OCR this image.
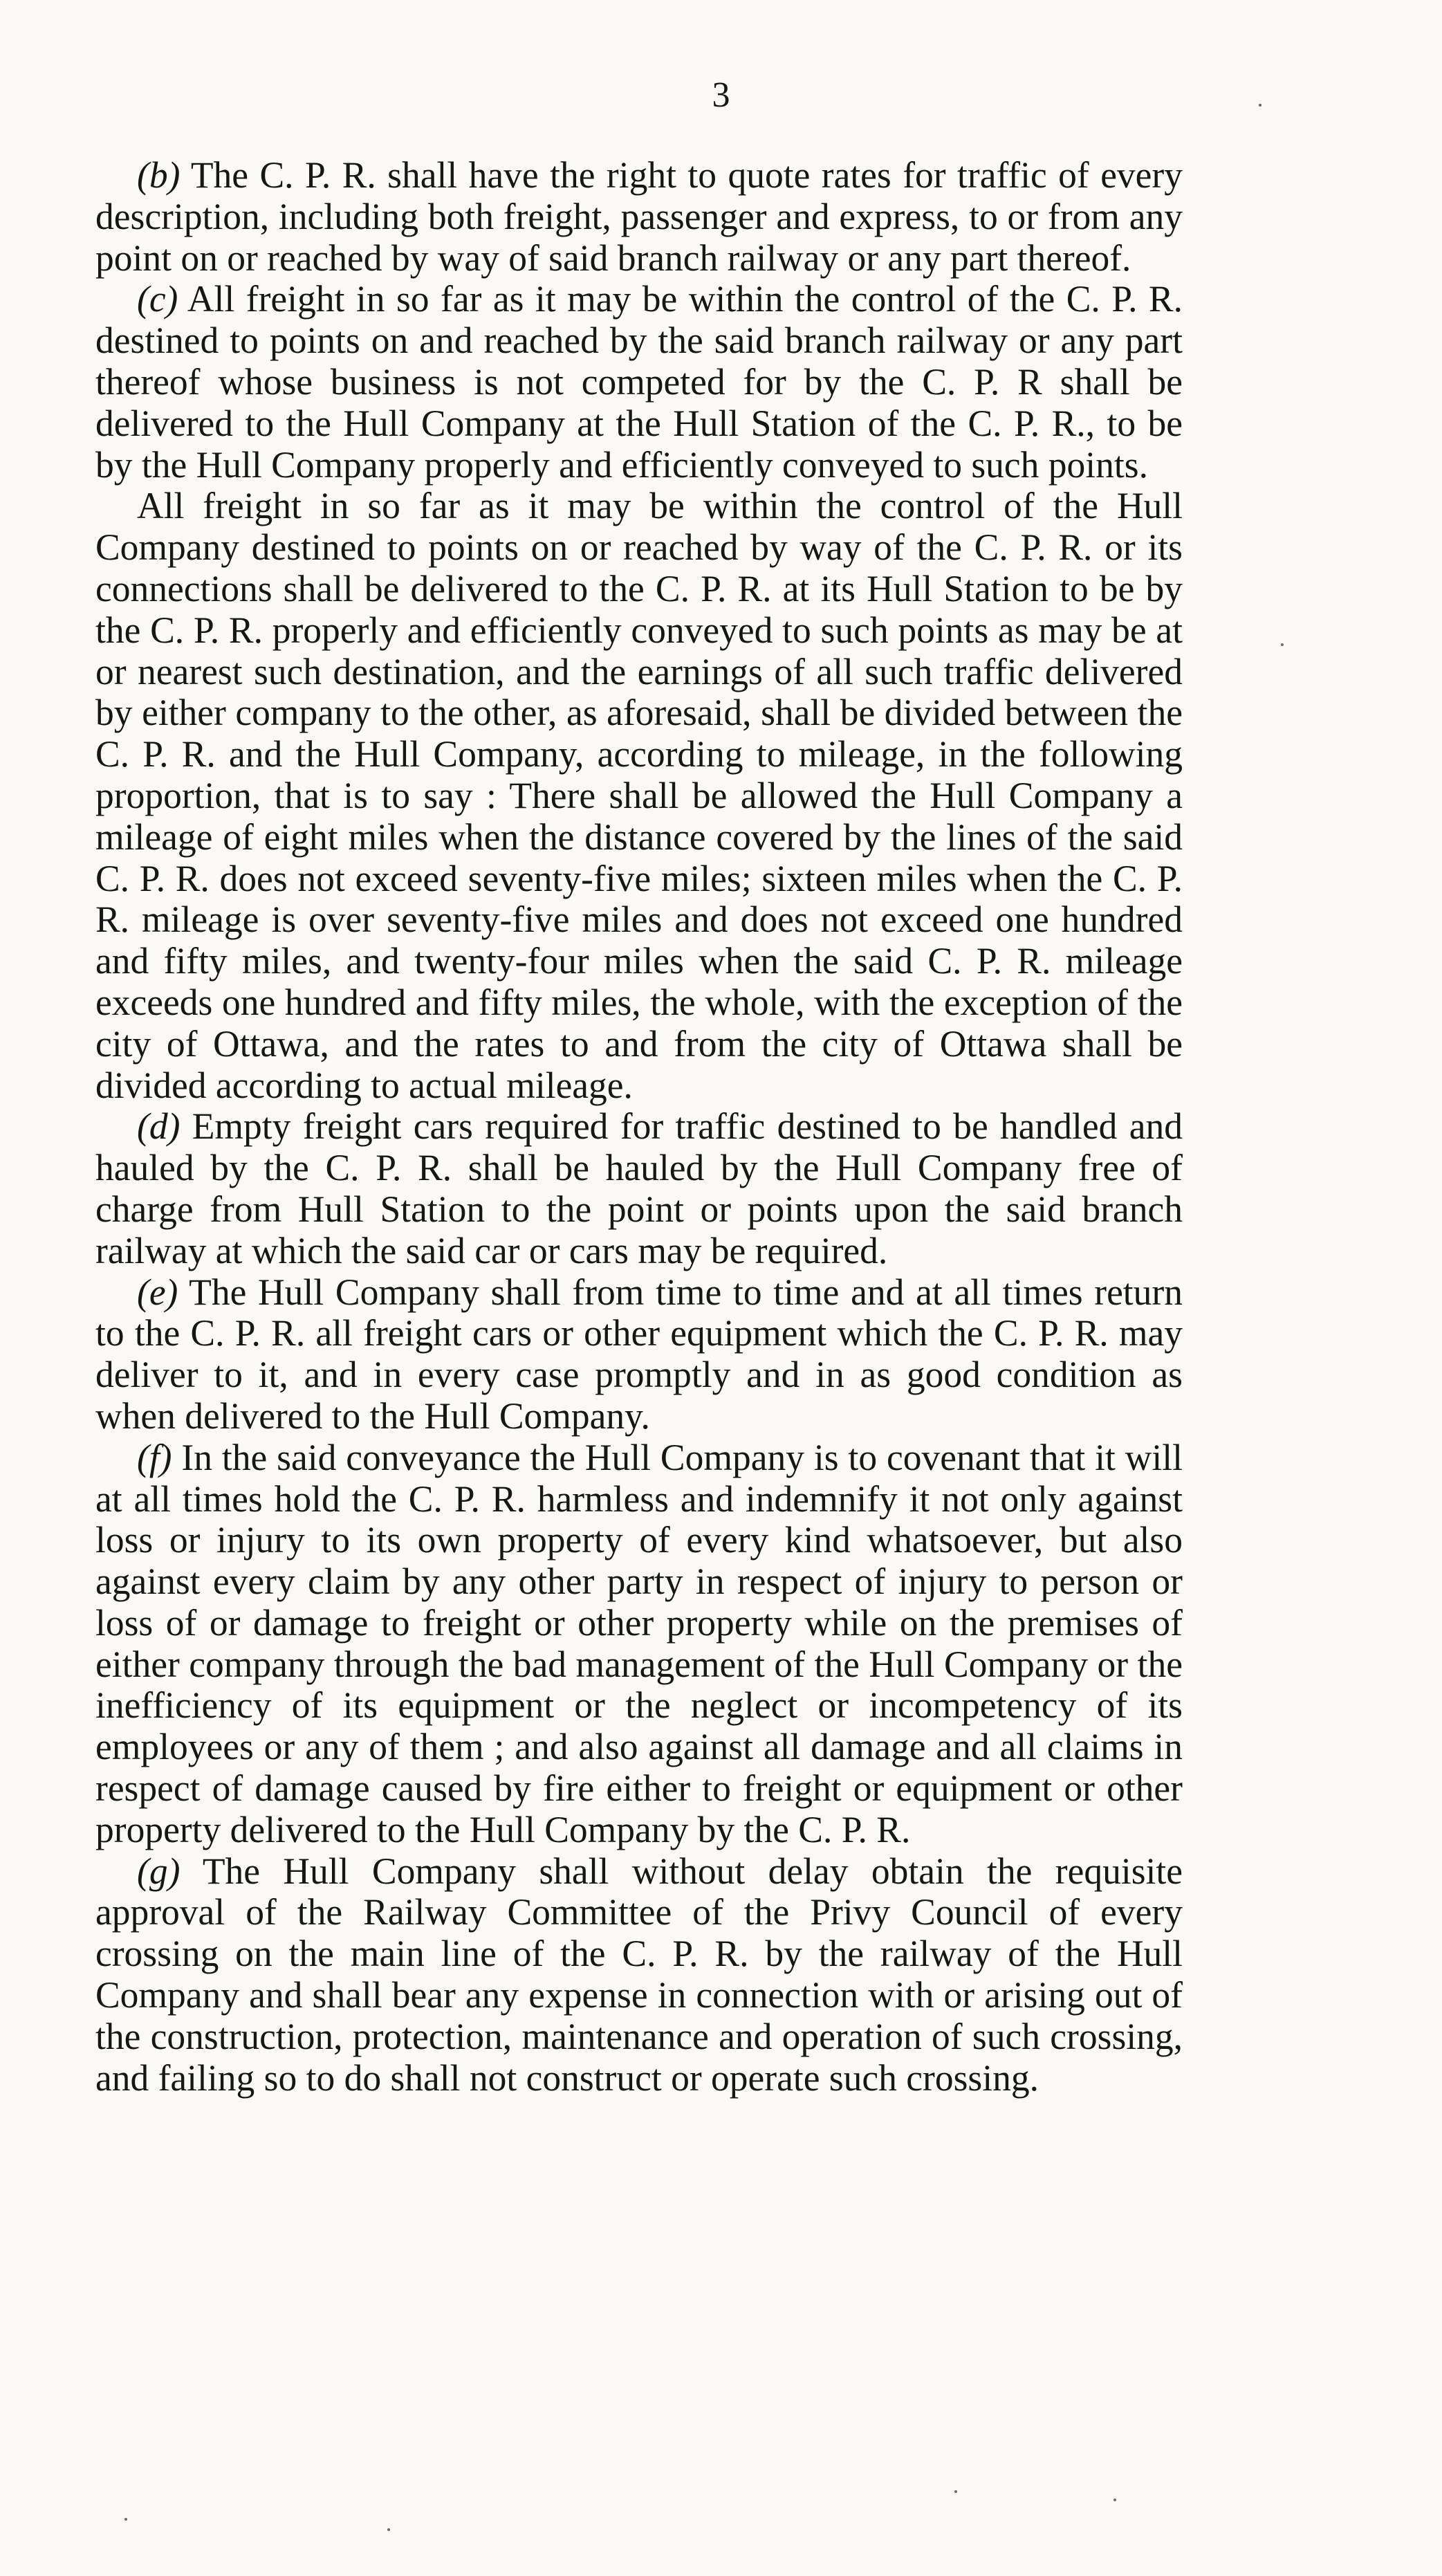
3

(b) The C. P. R. shall have the right to quote rates for traffic of every description, including both freight, passenger and express, to or from any point on or reached by way of said branch railway or any part thereof.

(c) All freight in so far as it may be within the control of the C. P. R. destined to points on and reached by the said branch railway or any part thereof whose business is not competed for by the C. P. R shall be delivered to the Hull Company at the Hull Station of the C. P. R., to be by the Hull Company properly and efficiently conveyed to such points.

All freight in so far as it may be within the control of the Hull Company destined to points on or reached by way of the C. P. R. or its connections shall be delivered to the C. P. R. at its Hull Station to be by the C. P. R. properly and efficiently conveyed to such points as may be at or nearest such destination, and the earnings of all such traffic delivered by either company to the other, as aforesaid, shall be divided between the C. P. R. and the Hull Company, according to mileage, in the following proportion, that is to say : There shall be allowed the Hull Company a mileage of eight miles when the distance covered by the lines of the said C. P. R. does not exceed seventy-five miles; sixteen miles when the C. P. R. mileage is over seventy-five miles and does not exceed one hundred and fifty miles, and twenty-four miles when the said C. P. R. mileage exceeds one hundred and fifty miles, the whole, with the exception of the city of Ottawa, and the rates to and from the city of Ottawa shall be divided according to actual mileage.

(d) Empty freight cars required for traffic destined to be handled and hauled by the C. P. R. shall be hauled by the Hull Company free of charge from Hull Station to the point or points upon the said branch railway at which the said car or cars may be required.

(e) The Hull Company shall from time to time and at all times return to the C. P. R. all freight cars or other equipment which the C. P. R. may deliver to it, and in every case promptly and in as good condition as when delivered to the Hull Company.

(f) In the said conveyance the Hull Company is to covenant that it will at all times hold the C. P. R. harmless and indemnify it not only against loss or injury to its own property of every kind whatsoever, but also against every claim by any other party in respect of injury to person or loss of or damage to freight or other property while on the premises of either company through the bad management of the Hull Company or the inefficiency of its equipment or the neglect or incompetency of its employees or any of them ; and also against all damage and all claims in respect of damage caused by fire either to freight or equipment or other property delivered to the Hull Company by the C. P. R.

(g) The Hull Company shall without delay obtain the requisite approval of the Railway Committee of the Privy Council of every crossing on the main line of the C. P. R. by the railway of the Hull Company and shall bear any expense in connection with or arising out of the construction, protection, maintenance and operation of such crossing, and failing so to do shall not construct or operate such crossing.
